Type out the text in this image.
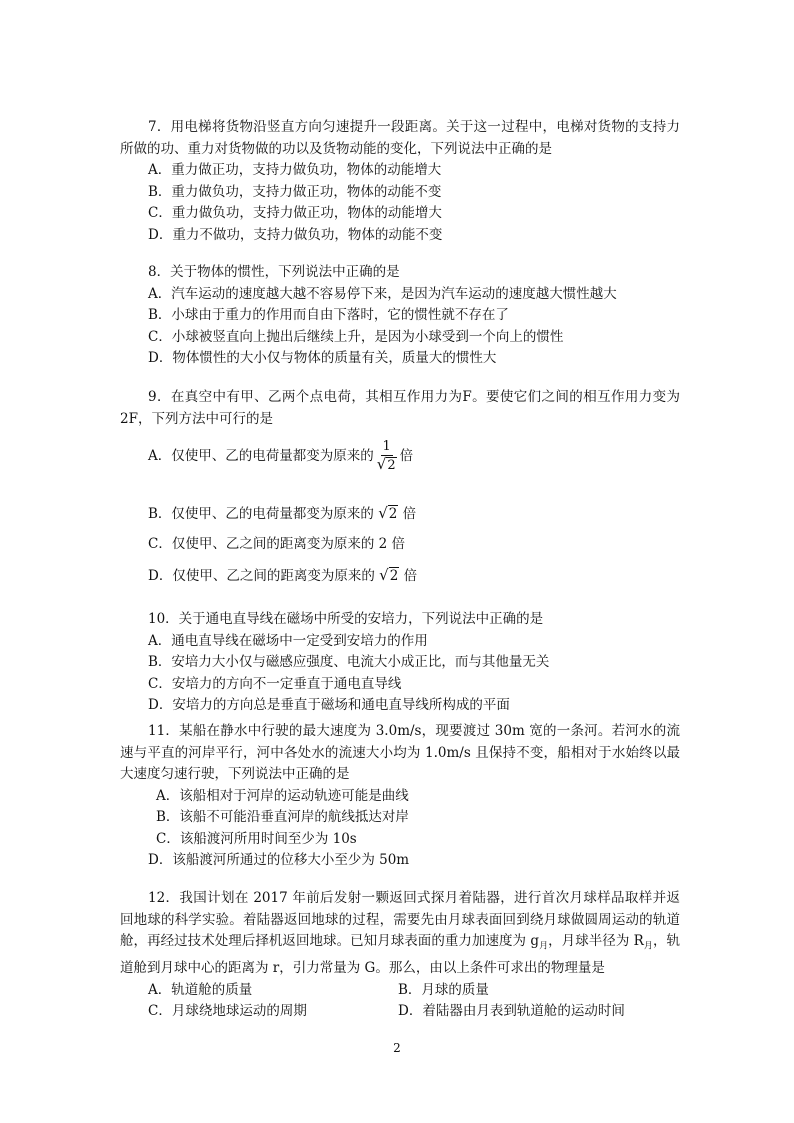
7．用电梯将货物沿竖直方向匀速提升一段距离。关于这一过程中，电梯对货物的支持力所做的功、重力对货物做的功以及货物动能的变化，下列说法中正确的是

A．重力做正功，支持力做负功，物体的动能增大

B．重力做负功，支持力做正功，物体的动能不变

C．重力做负功，支持力做正功，物体的动能增大

D．重力不做功，支持力做负功，物体的动能不变

8．关于物体的惯性，下列说法中正确的是

A．汽车运动的速度越大越不容易停下来，是因为汽车运动的速度越大惯性越大

B．小球由于重力的作用而自由下落时，它的惯性就不存在了

C．小球被竖直向上抛出后继续上升，是因为小球受到一个向上的惯性

D．物体惯性的大小仅与物体的质量有关，质量大的惯性大

9．在真空中有甲、乙两个点电荷，其相互作用力为F。要使它们之间的相互作用力变为2F，下列方法中可行的是

A．仅使甲、乙的电荷量都变为原来的 $\frac{1}{√2}$ 倍

B．仅使甲、乙的电荷量都变为原来的 √2 倍

C．仅使甲、乙之间的距离变为原来的 2 倍

D．仅使甲、乙之间的距离变为原来的 √2 倍

10．关于通电直导线在磁场中所受的安培力，下列说法中正确的是

A．通电直导线在磁场中一定受到安培力的作用

B．安培力大小仅与磁感应强度、电流大小成正比，而与其他量无关

C．安培力的方向不一定垂直于通电直导线

D．安培力的方向总是垂直于磁场和通电直导线所构成的平面

11．某船在静水中行驶的最大速度为 3.0m/s，现要渡过 30m 宽的一条河。若河水的流速与平直的河岸平行，河中各处水的流速大小均为 1.0m/s 且保持不变，船相对于水始终以最大速度匀速行驶，下列说法中正确的是

A．该船相对于河岸的运动轨迹可能是曲线

B．该船不可能沿垂直河岸的航线抵达对岸

C．该船渡河所用时间至少为 10s

D．该船渡河所通过的位移大小至少为 50m

12．我国计划在 2017 年前后发射一颗返回式探月着陆器，进行首次月球样品取样并返回地球的科学实验。着陆器返回地球的过程，需要先由月球表面回到绕月球做圆周运动的轨道舱，再经过技术处理后择机返回地球。已知月球表面的重力加速度为 $g_月$，月球半径为 $R_月$，轨道舱到月球中心的距离为 r，引力常量为 G。那么，由以上条件可求出的物理量是

A．轨道舱的质量	B．月球的质量
C．月球绕地球运动的周期	D．着陆器由月表到轨道舱的运动时间
2
